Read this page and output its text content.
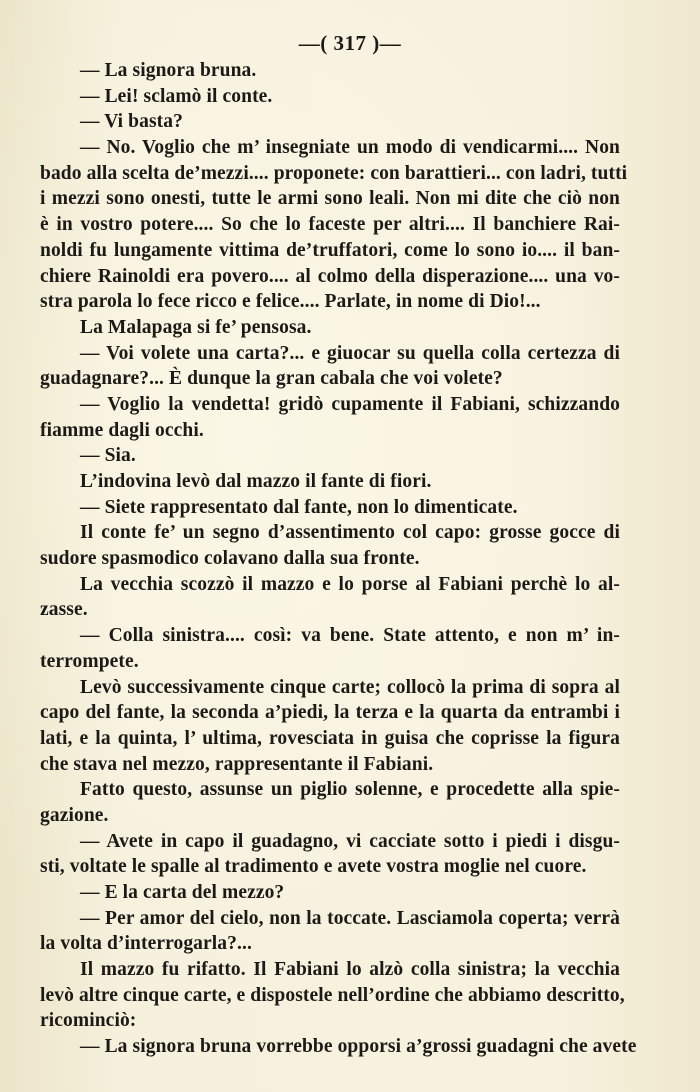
—( 317 )—
— La signora bruna.
— Lei! sclamò il conte.
— Vi basta?
— No. Voglio che m’ insegniate un modo di vendicarmi.... Non
bado alla scelta de’mezzi.... proponete: con barattieri... con ladri, tutti
i mezzi sono onesti, tutte le armi sono leali. Non mi dite che ciò non
è in vostro potere.... So che lo faceste per altri.... Il banchiere Rai-
noldi fu lungamente vittima de’truffatori, come lo sono io.... il ban-
chiere Rainoldi era povero.... al colmo della disperazione.... una vo-
stra parola lo fece ricco e felice.... Parlate, in nome di Dio!...
La Malapaga si fe’ pensosa.
— Voi volete una carta?... e giuocar su quella colla certezza di
guadagnare?... È dunque la gran cabala che voi volete?
— Voglio la vendetta! gridò cupamente il Fabiani, schizzando
fiamme dagli occhi.
— Sia.
L’indovina levò dal mazzo il fante di fiori.
— Siete rappresentato dal fante, non lo dimenticate.
Il conte fe’ un segno d’assentimento col capo: grosse gocce di
sudore spasmodico colavano dalla sua fronte.
La vecchia scozzò il mazzo e lo porse al Fabiani perchè lo al-
zasse.
— Colla sinistra.... così: va bene. State attento, e non m’ in-
terrompete.
Levò successivamente cinque carte; collocò la prima di sopra al
capo del fante, la seconda a’piedi, la terza e la quarta da entrambi i
lati, e la quinta, l’ ultima, rovesciata in guisa che coprisse la figura
che stava nel mezzo, rappresentante il Fabiani.
Fatto questo, assunse un piglio solenne, e procedette alla spie-
gazione.
— Avete in capo il guadagno, vi cacciate sotto i piedi i disgu-
sti, voltate le spalle al tradimento e avete vostra moglie nel cuore.
— E la carta del mezzo?
— Per amor del cielo, non la toccate. Lasciamola coperta; verrà
la volta d’interrogarla?...
Il mazzo fu rifatto. Il Fabiani lo alzò colla sinistra; la vecchia
levò altre cinque carte, e dispostele nell’ordine che abbiamo descritto,
ricominciò:
— La signora bruna vorrebbe opporsi a’grossi guadagni che avete
